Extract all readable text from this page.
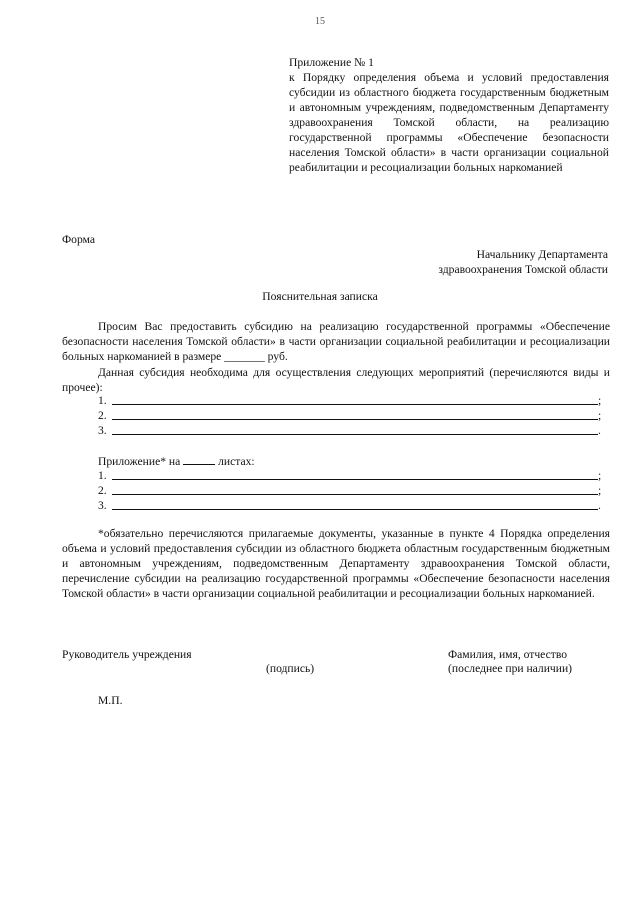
15
Приложение № 1
к Порядку определения объема и условий предоставления субсидии из областного бюджета государственным бюджетным и автономным учреждениям, подведомственным Департаменту здравоохранения Томской области, на реализацию государственной программы «Обеспечение безопасности населения Томской области» в части организации социальной реабилитации и ресоциализации больных наркоманией
Форма
Начальнику Департамента
здравоохранения Томской области
Пояснительная записка
Просим Вас предоставить субсидию на реализацию государственной программы «Обеспечение безопасности населения Томской области» в части организации социальной реабилитации и ресоциализации больных наркоманией в размере _______ руб.
Данная субсидия необходима для осуществления следующих мероприятий (перечисляются виды и прочее):
1.	;
2.	;
3.	.
Приложение* на	листах:
1.	;
2.	;
3.	.
*обязательно перечисляются прилагаемые документы, указанные в пункте 4 Порядка определения объема и условий предоставления субсидии из областного бюджета областным государственным бюджетным и автономным учреждениям, подведомственным Департаменту здравоохранения Томской области, перечисление субсидии на реализацию государственной программы «Обеспечение безопасности населения Томской области» в части организации социальной реабилитации и ресоциализации больных наркоманией.
Руководитель учреждения
(подпись)
Фамилия, имя, отчество
(последнее при наличии)
М.П.
